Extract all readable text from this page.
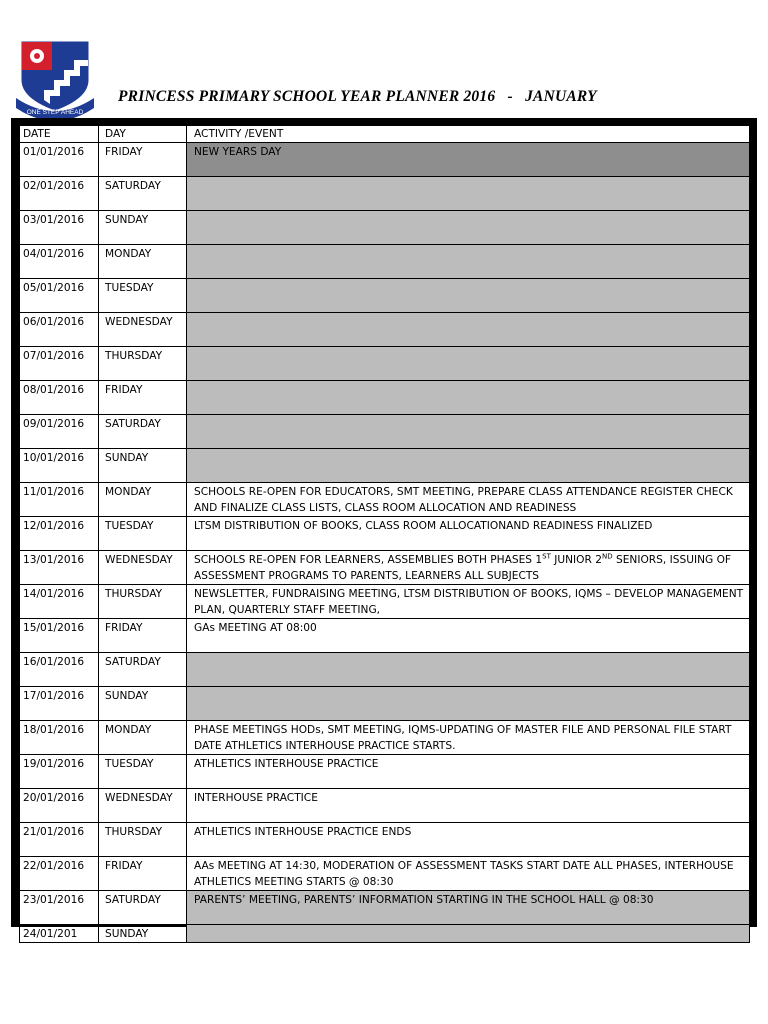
ONE STEP AHEAD
PRINCESS PRIMARY SCHOOL YEAR PLANNER 2016   -   JANUARY
DATE	DAY	ACTIVITY /EVENT

01/01/2016	FRIDAY	NEW YEARS DAY

02/01/2016	SATURDAY	

03/01/2016	SUNDAY	

04/01/2016	MONDAY	

05/01/2016	TUESDAY	

06/01/2016	WEDNESDAY	

07/01/2016	THURSDAY	

08/01/2016	FRIDAY	

09/01/2016	SATURDAY	

10/01/2016	SUNDAY	

11/01/2016	MONDAY	SCHOOLS RE-OPEN FOR EDUCATORS, SMT MEETING, PREPARE CLASS ATTENDANCE REGISTER CHECK AND FINALIZE CLASS LISTS, CLASS ROOM ALLOCATION AND READINESS

12/01/2016	TUESDAY	LTSM DISTRIBUTION OF BOOKS, CLASS ROOM ALLOCATIONAND READINESS FINALIZED

13/01/2016	WEDNESDAY	SCHOOLS RE-OPEN FOR LEARNERS, ASSEMBLIES BOTH PHASES 1ST JUNIOR 2ND SENIORS, ISSUING OF ASSESSMENT PROGRAMS TO PARENTS, LEARNERS ALL SUBJECTS

14/01/2016	THURSDAY	NEWSLETTER, FUNDRAISING MEETING, LTSM DISTRIBUTION OF BOOKS, IQMS – DEVELOP MANAGEMENT PLAN, QUARTERLY STAFF MEETING,

15/01/2016	FRIDAY	GAs MEETING AT 08:00

16/01/2016	SATURDAY	

17/01/2016	SUNDAY	

18/01/2016	MONDAY	PHASE MEETINGS HODs, SMT MEETING, IQMS-UPDATING OF MASTER FILE AND PERSONAL FILE START DATE ATHLETICS INTERHOUSE PRACTICE STARTS.

19/01/2016	TUESDAY	ATHLETICS INTERHOUSE PRACTICE

20/01/2016	WEDNESDAY	INTERHOUSE PRACTICE

21/01/2016	THURSDAY	ATHLETICS INTERHOUSE PRACTICE ENDS

22/01/2016	FRIDAY	AAs MEETING AT 14:30, MODERATION OF ASSESSMENT TASKS START DATE ALL PHASES, INTERHOUSE ATHLETICS MEETING STARTS @ 08:30

23/01/2016	SATURDAY	PARENTS’ MEETING, PARENTS’ INFORMATION STARTING IN THE SCHOOL HALL @ 08:30

24/01/201	SUNDAY	
